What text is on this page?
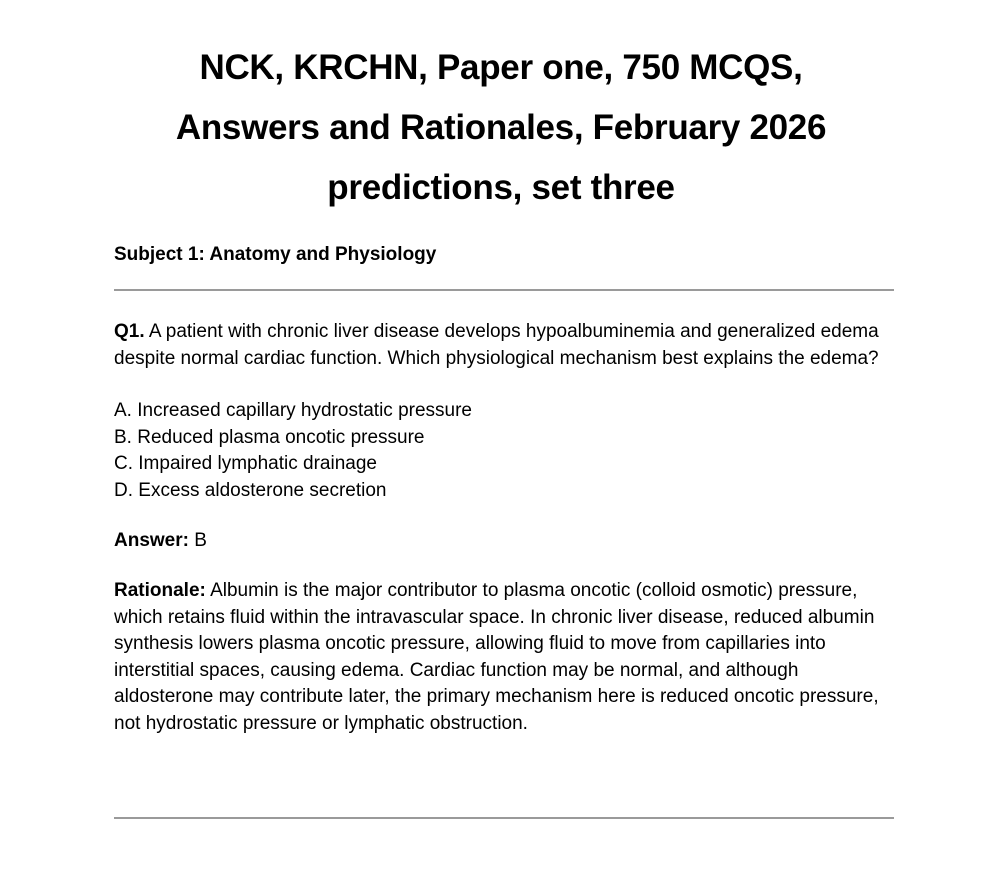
NCK, KRCHN, Paper one, 750 MCQS,
Answers and Rationales, February 2026
predictions, set three
Subject 1: Anatomy and Physiology

Q1. A patient with chronic liver disease develops hypoalbuminemia and generalized edema despite normal cardiac function. Which physiological mechanism best explains the edema?

A. Increased capillary hydrostatic pressure
B. Reduced plasma oncotic pressure
C. Impaired lymphatic drainage
D. Excess aldosterone secretion

Answer: B

Rationale: Albumin is the major contributor to plasma oncotic (colloid osmotic) pressure, which retains fluid within the intravascular space. In chronic liver disease, reduced albumin synthesis lowers plasma oncotic pressure, allowing fluid to move from capillaries into interstitial spaces, causing edema. Cardiac function may be normal, and although aldosterone may contribute later, the primary mechanism here is reduced oncotic pressure, not hydrostatic pressure or lymphatic obstruction.
